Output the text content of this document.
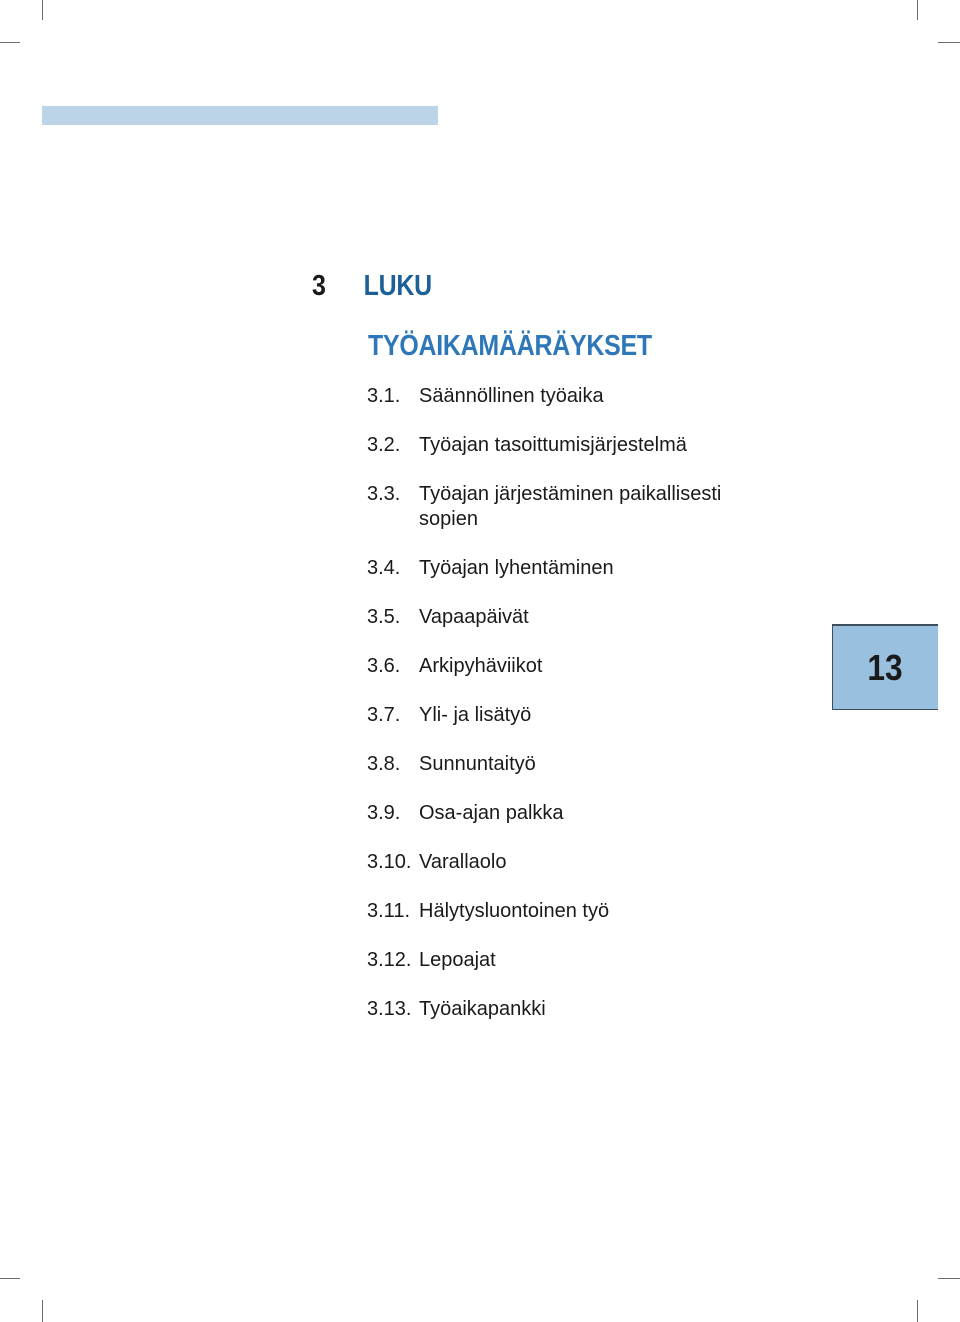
3 LUKU
TYÖAIKAMÄÄRÄYKSET
3.1. Säännöllinen työaika
3.2. Työajan tasoittumisjärjestelmä
3.3. Työajan järjestäminen paikallisesti sopien
3.4. Työajan lyhentäminen
3.5. Vapaapäivät
3.6. Arkipyhäviikot
3.7. Yli- ja lisätyö
3.8. Sunnuntaityö
3.9. Osa-ajan palkka
3.10. Varallaolo
3.11. Hälytysluontoinen työ
3.12. Lepoajat
3.13. Työaikapankki
13
